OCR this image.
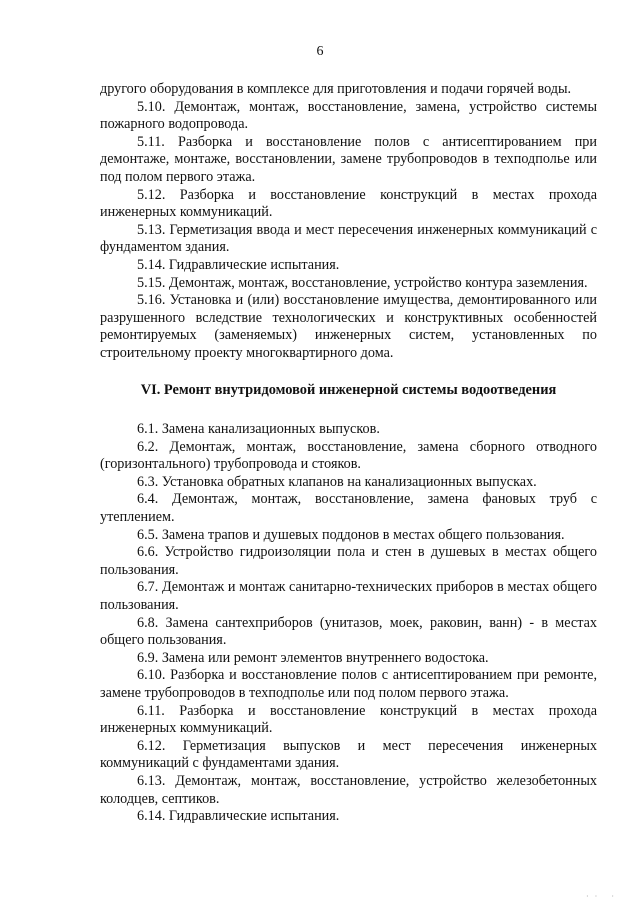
6

другого оборудования в комплексе для приготовления и подачи горячей воды.

5.10. Демонтаж, монтаж, восстановление, замена, устройство системы пожарного водопровода.

5.11. Разборка и восстановление полов с антисептированием при демонтаже, монтаже, восстановлении, замене трубопроводов в техподполье или под полом первого этажа.

5.12. Разборка и восстановление конструкций в местах прохода инженерных коммуникаций.

5.13. Герметизация ввода и мест пересечения инженерных коммуникаций с фундаментом здания.

5.14. Гидравлические испытания.

5.15. Демонтаж, монтаж, восстановление, устройство контура заземления.

5.16. Установка и (или) восстановление имущества, демонтированного или разрушенного вследствие технологических и конструктивных особенностей ремонтируемых (заменяемых) инженерных систем, установленных по строительному проекту многоквартирного дома.

VI. Ремонт внутридомовой инженерной системы водоотведения

6.1. Замена канализационных выпусков.

6.2. Демонтаж, монтаж, восстановление, замена сборного отводного (горизонтального) трубопровода и стояков.

6.3. Установка обратных клапанов на канализационных выпусках.

6.4. Демонтаж, монтаж, восстановление, замена фановых труб с утеплением.

6.5. Замена трапов и душевых поддонов в местах общего пользования.

6.6. Устройство гидроизоляции пола и стен в душевых в местах общего пользования.

6.7. Демонтаж и монтаж санитарно-технических приборов в местах общего пользования.

6.8. Замена сантехприборов (унитазов, моек, раковин, ванн) - в местах общего пользования.

6.9. Замена или ремонт элементов внутреннего водостока.

6.10. Разборка и восстановление полов с антисептированием при ремонте, замене трубопроводов в техподполье или под полом первого этажа.

6.11. Разборка и восстановление конструкций в местах прохода инженерных коммуникаций.

6.12. Герметизация выпусков и мест пересечения инженерных коммуникаций с фундаментами здания.

6.13. Демонтаж, монтаж, восстановление, устройство железобетонных колодцев, септиков.

6.14. Гидравлические испытания.

·· ·
